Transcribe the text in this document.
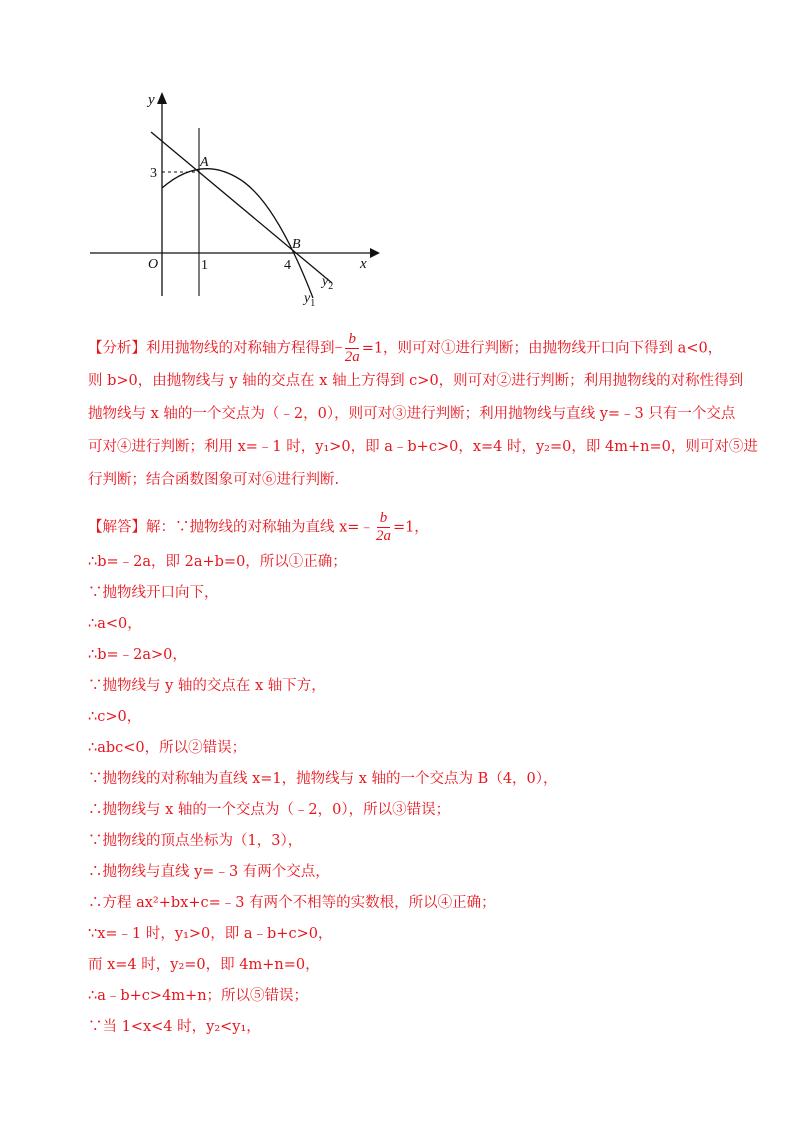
y
x
O
3
1	4
A
B
$y_2$
$y_1$
【分析】利用抛物线的对称轴方程得到− $\frac{b}{2a} =1$，则可对①进行判断；由抛物线开口向下得到 a<0，
则 b>0，由抛物线与 y 轴的交点在 x 轴上方得到 c>0，则可对②进行判断；利用抛物线的对称性得到
抛物线与 x 轴的一个交点为（﹣2，0），则可对③进行判断；利用抛物线与直线 y=﹣3 只有一个交点
可对④进行判断；利用 x=﹣1 时，y₁>0，即 a﹣b+c>0，x=4 时，y₂=0，即 4m+n=0，则可对⑤进
行判断；结合函数图象可对⑥进行判断.
【解答】解：∵抛物线的对称轴为直线 x=﹣ $\frac{b}{2a} =1$，
∴b=﹣2a，即 2a+b=0，所以①正确；
∵抛物线开口向下，
∴a<0，
∴b=﹣2a>0，
∵抛物线与 y 轴的交点在 x 轴下方，
∴c>0，
∴abc<0，所以②错误；
∵抛物线的对称轴为直线 x=1，抛物线与 x 轴的一个交点为 B（4，0），
∴抛物线与 x 轴的一个交点为（﹣2，0），所以③错误；
∵抛物线的顶点坐标为（1，3），
∴抛物线与直线 y=﹣3 有两个交点，
∴方程 ax²+bx+c=﹣3 有两个不相等的实数根，所以④正确；
∵x=﹣1 时，y₁>0，即 a﹣b+c>0，
而 x=4 时，y₂=0，即 4m+n=0，
∴a﹣b+c>4m+n；所以⑤错误；
∵当 1<x<4 时，y₂<y₁，
